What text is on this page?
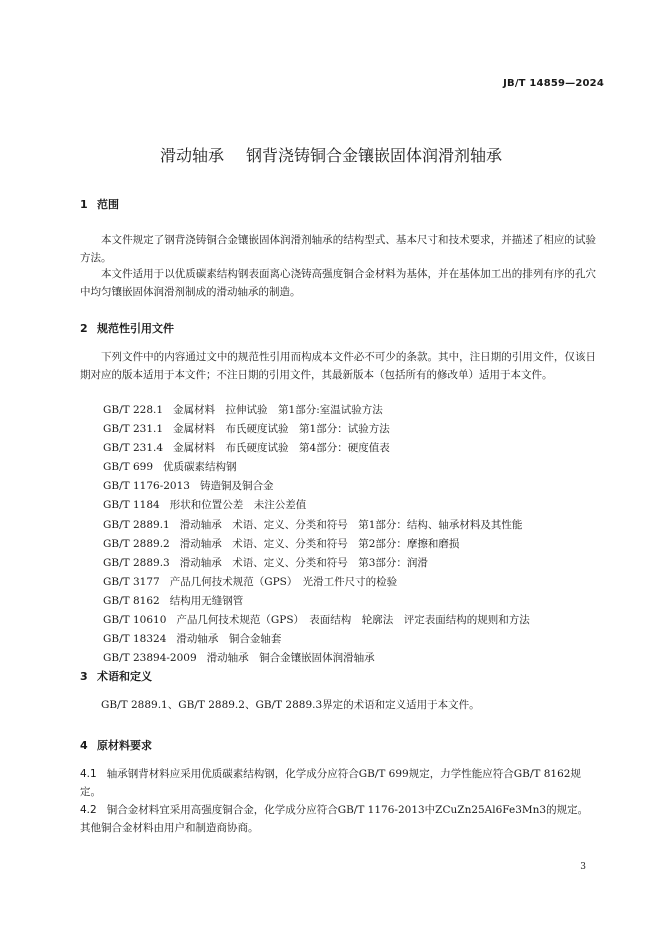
JB/T 14859—2024
滑动轴承 钢背浇铸铜合金镶嵌固体润滑剂轴承
1 范围

本文件规定了钢背浇铸铜合金镶嵌固体润滑剂轴承的结构型式、基本尺寸和技术要求，并描述了相应的试验方法。

本文件适用于以优质碳素结构钢表面离心浇铸高强度铜合金材料为基体，并在基体加工出的排列有序的孔穴中均匀镶嵌固体润滑剂制成的滑动轴承的制造。

2 规范性引用文件

下列文件中的内容通过文中的规范性引用而构成本文件必不可少的条款。其中，注日期的引用文件，仅该日期对应的版本适用于本文件；不注日期的引用文件，其最新版本（包括所有的修改单）适用于本文件。

GB/T 228.1 金属材料　拉伸试验　第1部分:室温试验方法
GB/T 231.1 金属材料　布氏硬度试验　第1部分：试验方法
GB/T 231.4 金属材料　布氏硬度试验　第4部分：硬度值表
GB/T 699 优质碳素结构钢
GB/T 1176-2013 铸造铜及铜合金
GB/T 1184 形状和位置公差　未注公差值
GB/T 2889.1 滑动轴承　术语、定义、分类和符号　第1部分：结构、轴承材料及其性能
GB/T 2889.2 滑动轴承　术语、定义、分类和符号　第2部分：摩擦和磨损
GB/T 2889.3 滑动轴承　术语、定义、分类和符号　第3部分：润滑
GB/T 3177 产品几何技术规范（GPS）　光滑工件尺寸的检验
GB/T 8162 结构用无缝钢管
GB/T 10610 产品几何技术规范（GPS）　表面结构　轮廓法　评定表面结构的规则和方法
GB/T 18324 滑动轴承　铜合金轴套
GB/T 23894-2009 滑动轴承　铜合金镶嵌固体润滑轴承
3 术语和定义

GB/T 2889.1、GB/T 2889.2、GB/T 2889.3界定的术语和定义适用于本文件。

4 原材料要求

4.1 轴承钢背材料应采用优质碳素结构钢，化学成分应符合GB/T 699规定，力学性能应符合GB/T 8162规定。

4.2 铜合金材料宜采用高强度铜合金，化学成分应符合GB/T 1176-2013中ZCuZn25Al6Fe3Mn3的规定。其他铜合金材料由用户和制造商协商。

3
